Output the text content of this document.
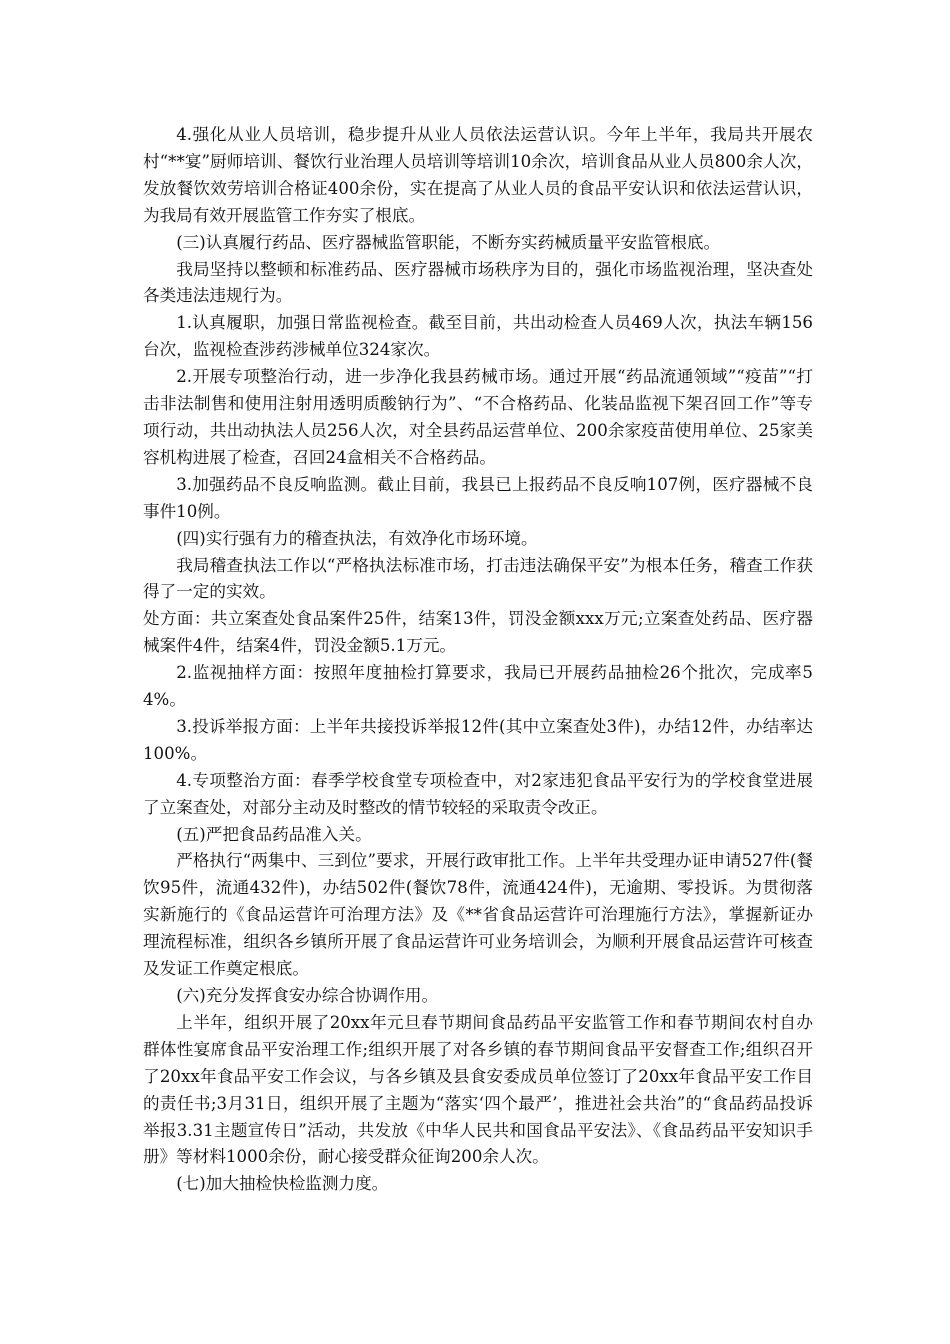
4.强化从业人员培训，稳步提升从业人员依法运营认识。今年上半年，我局共开展农村“**宴”厨师培训、餐饮行业治理人员培训等培训10余次，培训食品从业人员800余人次，发放餐饮效劳培训合格证400余份，实在提高了从业人员的食品平安认识和依法运营认识，为我局有效开展监管工作夯实了根底。

(三)认真履行药品、医疗器械监管职能，不断夯实药械质量平安监管根底。

我局坚持以整顿和标准药品、医疗器械市场秩序为目的，强化市场监视治理，坚决查处各类违法违规行为。

1.认真履职，加强日常监视检查。截至目前，共出动检查人员469人次，执法车辆156台次，监视检查涉药涉械单位324家次。

2.开展专项整治行动，进一步净化我县药械市场。通过开展“药品流通领域”“疫苗”“打击非法制售和使用注射用透明质酸钠行为”、“不合格药品、化装品监视下架召回工作”等专项行动，共出动执法人员256人次，对全县药品运营单位、200余家疫苗使用单位、25家美容机构进展了检查，召回24盒相关不合格药品。

3.加强药品不良反响监测。截止目前，我县已上报药品不良反响107例，医疗器械不良事件10例。

(四)实行强有力的稽查执法，有效净化市场环境。

我局稽查执法工作以“严格执法标准市场，打击违法确保平安”为根本任务，稽查工作获得了一定的实效。

处方面：共立案查处食品案件25件，结案13件，罚没金额xxx万元;立案查处药品、医疗器械案件4件，结案4件，罚没金额5.1万元。

2.监视抽样方面：按照年度抽检打算要求，我局已开展药品抽检26个批次，完成率54%。

3.投诉举报方面：上半年共接投诉举报12件(其中立案查处3件)，办结12件，办结率达100%。

4.专项整治方面：春季学校食堂专项检查中，对2家违犯食品平安行为的学校食堂进展了立案查处，对部分主动及时整改的情节较轻的采取责令改正。

(五)严把食品药品准入关。

严格执行“两集中、三到位”要求，开展行政审批工作。上半年共受理办证申请527件(餐饮95件，流通432件)，办结502件(餐饮78件，流通424件)，无逾期、零投诉。为贯彻落实新施行的《食品运营许可治理方法》及《**省食品运营许可治理施行方法》，掌握新证办理流程标准，组织各乡镇所开展了食品运营许可业务培训会，为顺利开展食品运营许可核查及发证工作奠定根底。

(六)充分发挥食安办综合协调作用。

上半年，组织开展了20xx年元旦春节期间食品药品平安监管工作和春节期间农村自办群体性宴席食品平安治理工作;组织开展了对各乡镇的春节期间食品平安督查工作;组织召开了20xx年食品平安工作会议，与各乡镇及县食安委成员单位签订了20xx年食品平安工作目的责任书;3月31日，组织开展了主题为“落实‘四个最严’，推进社会共治”的“食品药品投诉举报3.31主题宣传日”活动，共发放《中华人民共和国食品平安法》、《食品药品平安知识手册》等材料1000余份，耐心接受群众征询200余人次。

(七)加大抽检快检监测力度。
